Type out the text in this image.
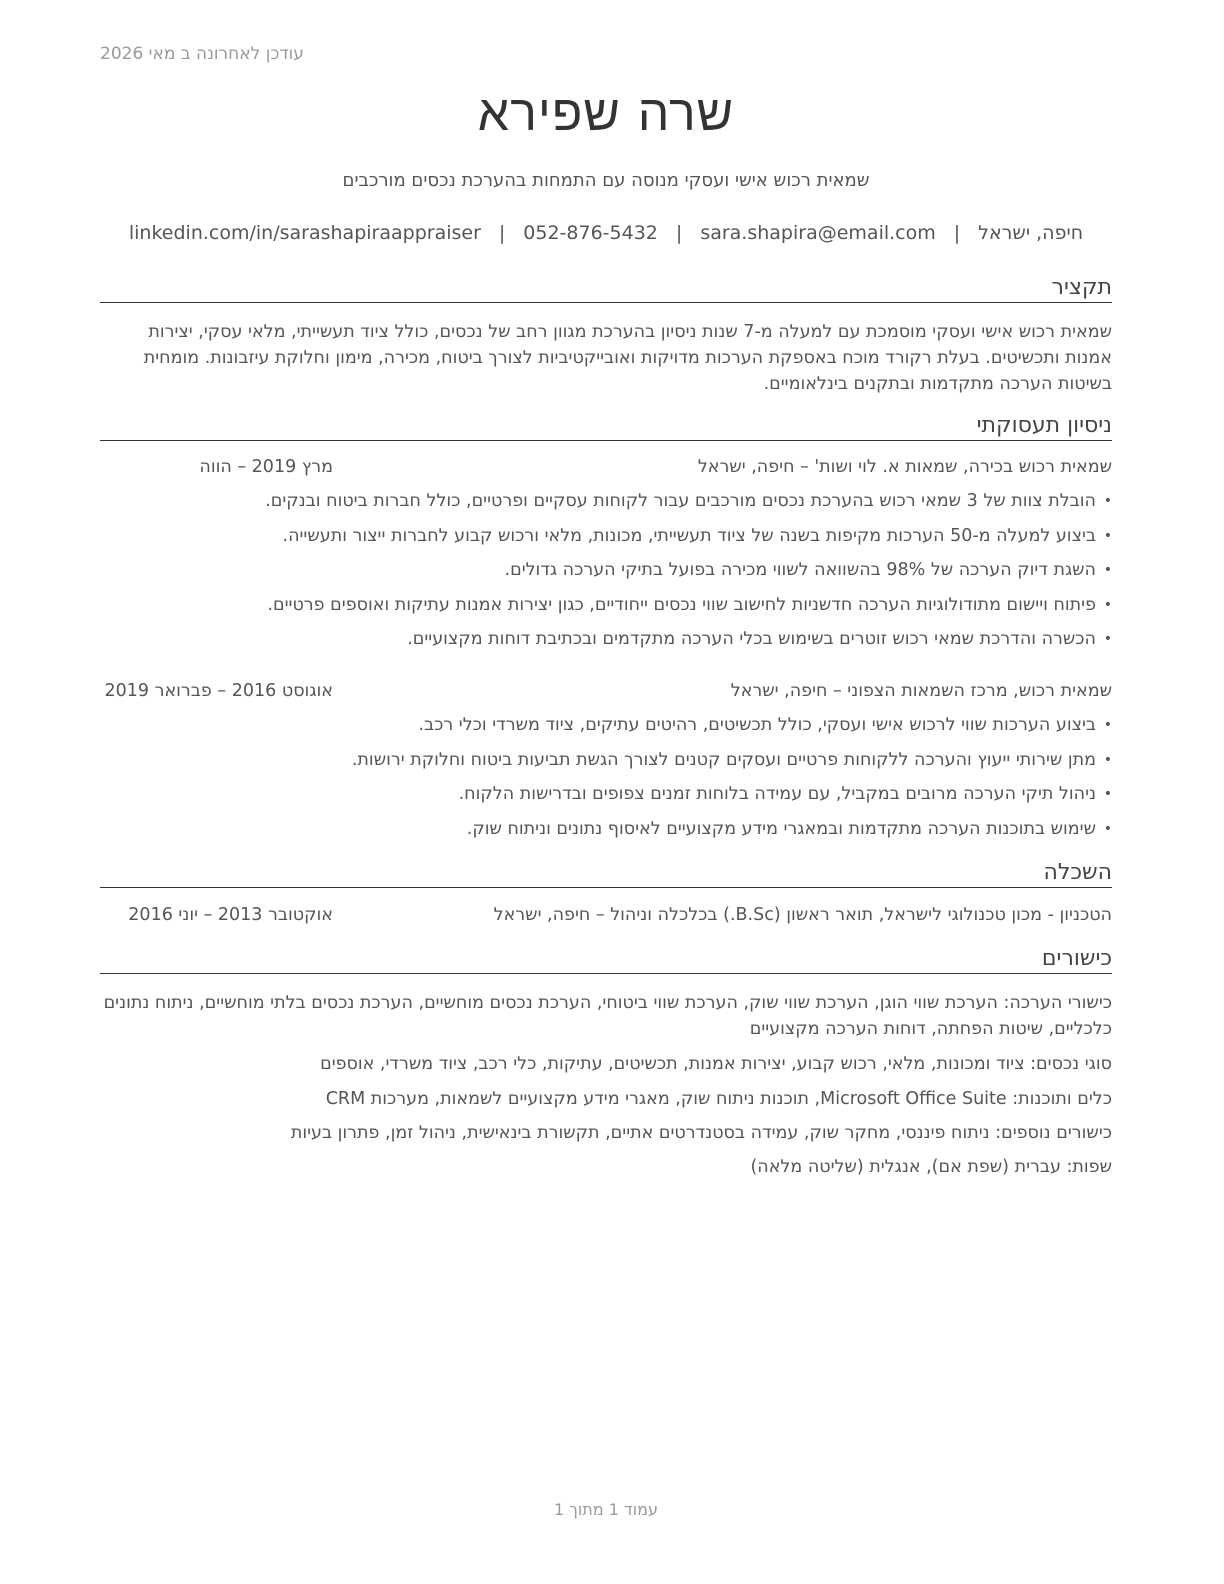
עודכן לאחרונה ב מאי 2026
שרה שפירא
שמאית רכוש אישי ועסקי מנוסה עם התמחות בהערכת נכסים מורכבים
חיפה, ישראל|sara.shapira@email.com|052-876-5432|linkedin.com/in/sarashapiraappraiser
תקציר
שמאית רכוש אישי ועסקי מוסמכת עם למעלה מ-7 שנות ניסיון בהערכת מגוון רחב של נכסים, כולל ציוד תעשייתי, מלאי עסקי, יצירות אמנות ותכשיטים. בעלת רקורד מוכח באספקת הערכות מדויקות ואובייקטיביות לצורך ביטוח, מכירה, מימון וחלוקת עיזבונות. מומחית בשיטות הערכה מתקדמות ובתקנים בינלאומיים.
ניסיון תעסוקתי
שמאית רכוש בכירה, שמאות א. לוי ושות' – חיפה, ישראל
מרץ 2019 – הווה
• הובלת צוות של 3 שמאי רכוש בהערכת נכסים מורכבים עבור לקוחות עסקיים ופרטיים, כולל חברות ביטוח ובנקים.
• ביצוע למעלה מ-50 הערכות מקיפות בשנה של ציוד תעשייתי, מכונות, מלאי ורכוש קבוע לחברות ייצור ותעשייה.
• השגת דיוק הערכה של 98% בהשוואה לשווי מכירה בפועל בתיקי הערכה גדולים.
• פיתוח ויישום מתודולוגיות הערכה חדשניות לחישוב שווי נכסים ייחודיים, כגון יצירות אמנות עתיקות ואוספים פרטיים.
• הכשרה והדרכת שמאי רכוש זוטרים בשימוש בכלי הערכה מתקדמים ובכתיבת דוחות מקצועיים.
שמאית רכוש, מרכז השמאות הצפוני – חיפה, ישראל
אוגוסט 2016 – פברואר 2019
• ביצוע הערכות שווי לרכוש אישי ועסקי, כולל תכשיטים, רהיטים עתיקים, ציוד משרדי וכלי רכב.
• מתן שירותי ייעוץ והערכה ללקוחות פרטיים ועסקים קטנים לצורך הגשת תביעות ביטוח וחלוקת ירושות.
• ניהול תיקי הערכה מרובים במקביל, עם עמידה בלוחות זמנים צפופים ובדרישות הלקוח.
• שימוש בתוכנות הערכה מתקדמות ובמאגרי מידע מקצועיים לאיסוף נתונים וניתוח שוק.
השכלה
הטכניון - מכון טכנולוגי לישראל, תואר ראשון (B.Sc.) בכלכלה וניהול – חיפה, ישראל
אוקטובר 2013 – יוני 2016
כישורים
כישורי הערכה: הערכת שווי הוגן, הערכת שווי שוק, הערכת שווי ביטוחי, הערכת נכסים מוחשיים, הערכת נכסים בלתי מוחשיים, ניתוח נתונים כלכליים, שיטות הפחתה, דוחות הערכה מקצועיים
סוגי נכסים: ציוד ומכונות, מלאי, רכוש קבוע, יצירות אמנות, תכשיטים, עתיקות, כלי רכב, ציוד משרדי, אוספים
כלים ותוכנות: Microsoft Office Suite, תוכנות ניתוח שוק, מאגרי מידע מקצועיים לשמאות, מערכות CRM
כישורים נוספים: ניתוח פיננסי, מחקר שוק, עמידה בסטנדרטים אתיים, תקשורת בינאישית, ניהול זמן, פתרון בעיות
שפות: עברית (שפת אם), אנגלית (שליטה מלאה)
עמוד 1 מתוך 1
